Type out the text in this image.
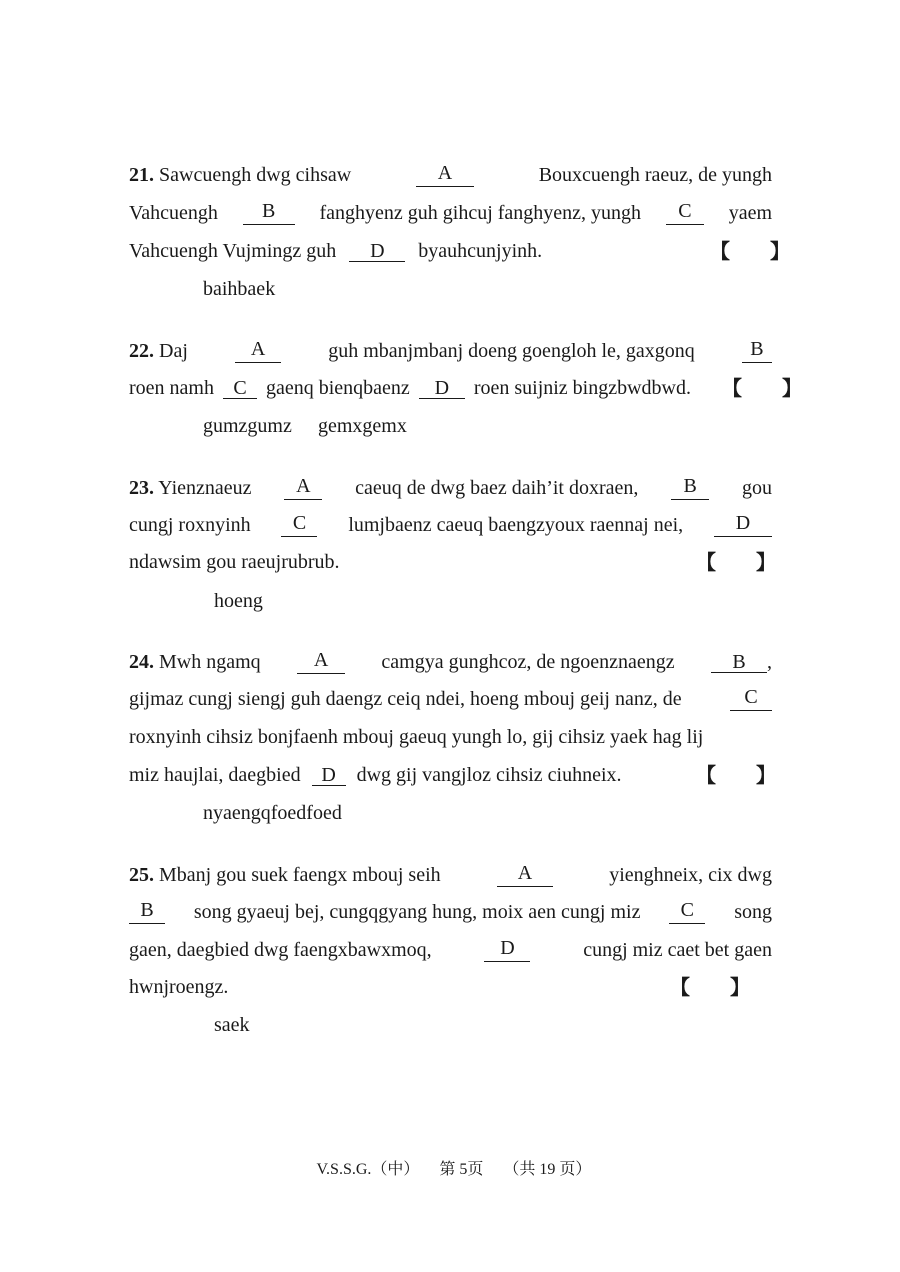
21. Sawcuengh dwg cihsaw	A	Bouxcuengh raeuz, de yungh
Vahcuengh	B	fanghyenz guh gihcuj fanghyenz, yungh	C	yaem
Vahcuengh Vujmingz guh D byauhcunjyinh.	【　　】
baihbaek
22. Daj	A	guh mbanjmbanj doeng goengloh le, gaxgonq	B
roen namh C gaenq bienqbaenz D roen suijniz bingzbwdbwd.	【　　】
gumzgumz gemxgemx
23. Yienznaeuz	A	caeuq de dwg baez daih’it doxraen,	B	gou
cungj roxnyinh	C	lumjbaenz caeuq baengzyoux raennaj nei,	D
ndawsim gou raeujrubrub.	【　　】
hoeng
24. Mwh ngamq	A	camgya gunghcoz, de ngoenznaengz	B ,
gijmaz cungj siengj guh daengz ceiq ndei, hoeng mbouj geij nanz, de	C
roxnyinh cihsiz bonjfaenh mbouj gaeuq yungh lo, gij cihsiz yaek hag lij
miz haujlai, daegbied D dwg gij vangjloz cihsiz ciuhneix.	【　　】
nyaengqfoedfoed
25. Mbanj gou suek faengx mbouj seih	A	yienghneix, cix dwg
B	song gyaeuj bej, cungqgyang hung, moix aen cungj miz	C	song
gaen, daegbied dwg faengxbawxmoq,	D	cungj miz caet bet gaen
hwnjroengz.	【　　】
saek

V.S.S.G.（中） 第 5页 （共 19 页）
